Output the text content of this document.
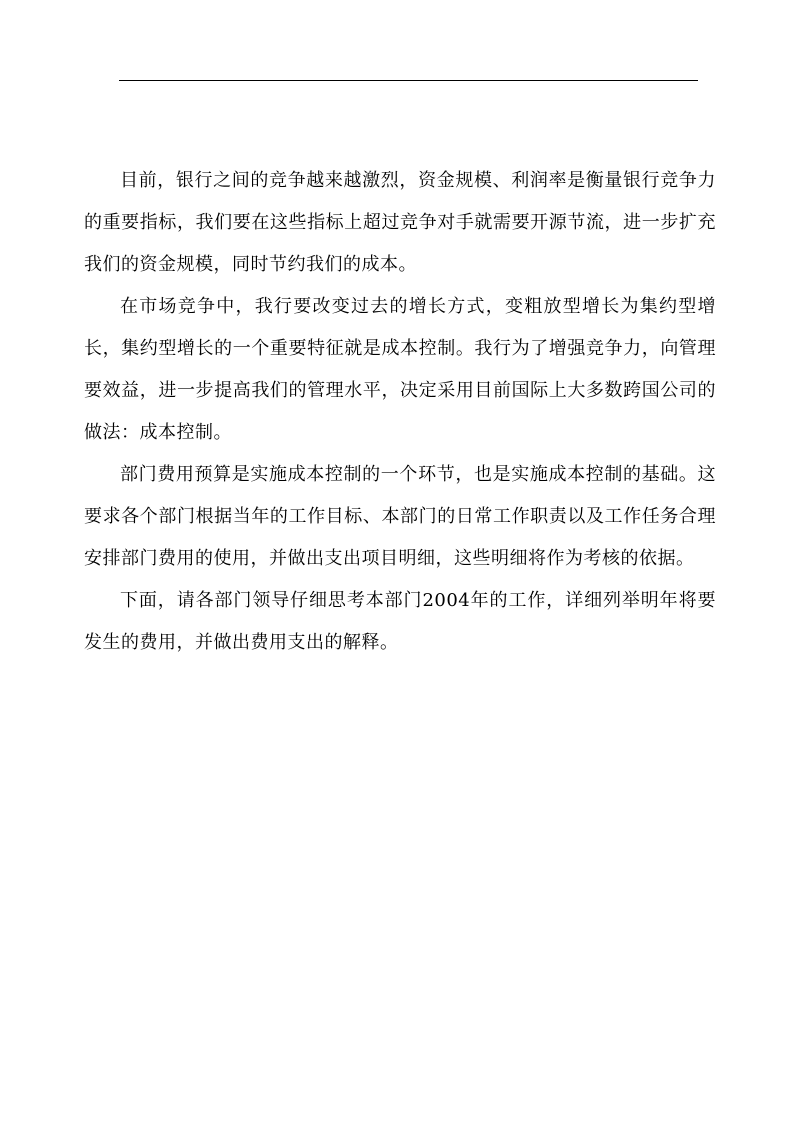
目前，银行之间的竞争越来越激烈，资金规模、利润率是衡量银行竞争力的重要指标，我们要在这些指标上超过竞争对手就需要开源节流，进一步扩充我们的资金规模，同时节约我们的成本。

在市场竞争中，我行要改变过去的增长方式，变粗放型增长为集约型增长，集约型增长的一个重要特征就是成本控制。我行为了增强竞争力，向管理要效益，进一步提高我们的管理水平，决定采用目前国际上大多数跨国公司的做法：成本控制。

部门费用预算是实施成本控制的一个环节，也是实施成本控制的基础。这要求各个部门根据当年的工作目标、本部门的日常工作职责以及工作任务合理安排部门费用的使用，并做出支出项目明细，这些明细将作为考核的依据。

下面，请各部门领导仔细思考本部门2004年的工作，详细列举明年将要发生的费用，并做出费用支出的解释。
